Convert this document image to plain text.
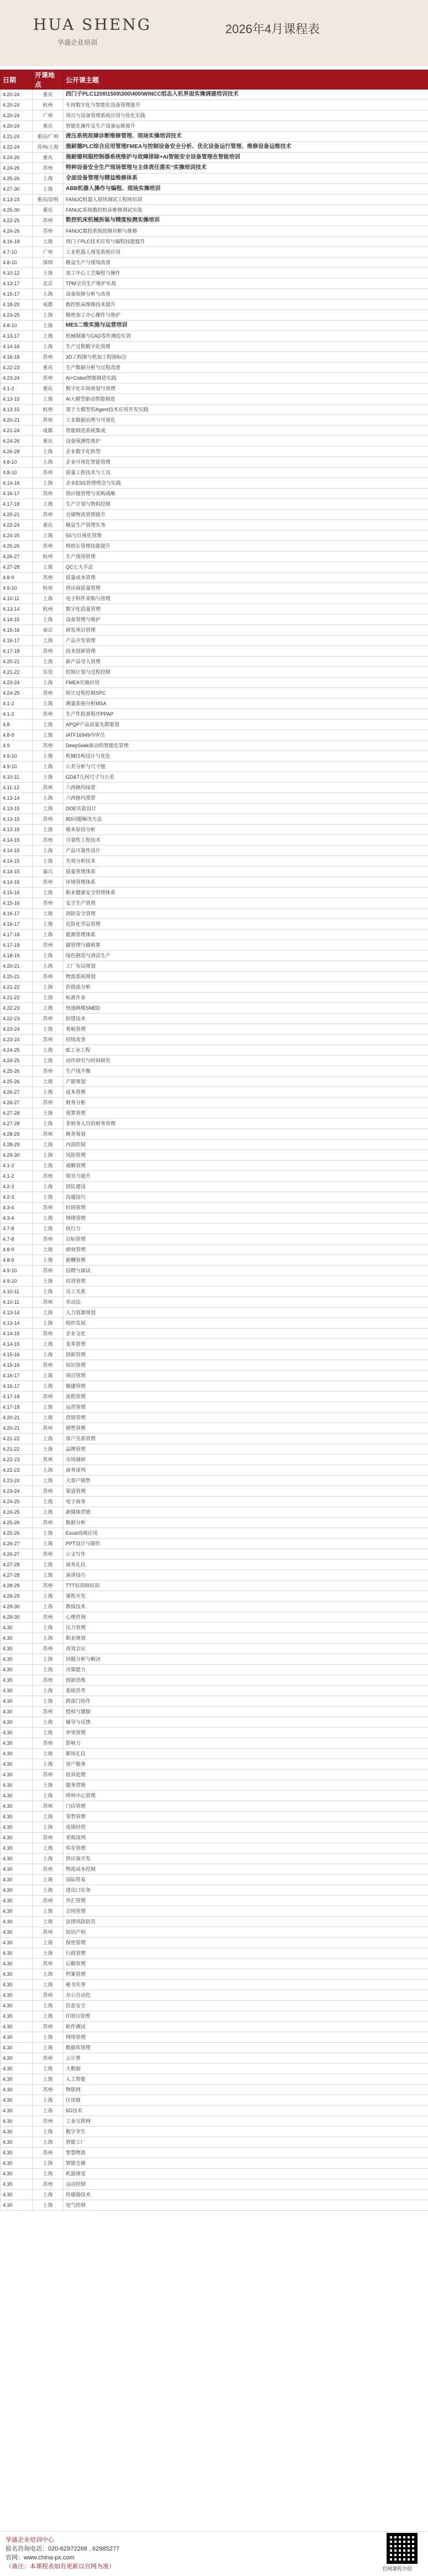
HUA SHENG
华盛企业培训
2026年4月课程表
日期	开课地点	公开课主题
4.20-24	重庆	西门子PLC1200\1500\300\400\WINCC组态人机界面实操调建培训技术
4.20-24	杭州	车间数字化与智能化设备管理提升
4.20-24	广州	项目与设备管理系统应用与优化实践
4.20-24	重庆	智能化操作及生产设备运维提升
4.21-24	重庆/广州	液压系统故障诊断维修管理、现场实操培训技术
4.22-24	苏州/上海	施耐德PLC综合应用管理FMEA与控制设备安全分析、优化设备运行管理、维修设备运维技术
4.24-26	重庆	施耐德伺服控制器系统维护与故障排除+AI智能安全设备管理在智能培训
4.24-26	苏州	特种设备安全生产现场管理与主体责任落实“实操培训技术
4.25-26	上海	全面设备管理与精益维修体系
4.27-30	上海	ABB机器人操作与编程、现场实操培训
4.13-24	重庆/昆明	FANUC机器人现场调试工程师培训
4.25-30	重庆	FANUC系统数控机床维修调试实战
4.22-25	苏州	数控机床机械拆装与精度检测实操培训
4.24-26	苏州	FANUC数控系统故障诊断与维修
4.16-18	上海	西门子PLC技术应用与编程技能提升
4.7-10	广州	工业机器人视觉系统应用
4.8-10	深圳	精益生产与现场改善
4.10-12	上海	加工中心工艺编程与操作
4.13-17	北京	TPM全员生产维护实战
4.15-17	上海	设备故障分析与改善
4.18-20	成都	数控机床维修技术提升
4.23-25	上海	精密加工中心操作与维护
4.8-10	上海	MES二维实施与运营培训
4.13-17	上海	机械制图与CAD零件测绘实训
4.14-16	上海	生产过程数字化管理
4.16-18	苏州	3D工程图与机加工程图标注
4.22-23	重庆	生产数据分析与过程改进
4.23-24	苏州	AI+Cobot智能制造实践
4.1-2	重庆	数字化车间规划与管理
4.13-15	上海	AI大模型驱动智能制造
4.13-15	杭州	基于大模型的Agent技术应用开发实践
4.20-21	苏州	工业数据治理与可视化
4.21-24	成都	智能制造系统集成
4.24-26	重庆	设备预测性维护
4.26-28	上海	企业数字化转型
4.8-10	上海	企业可视化智能管理
4.8-10	苏州	质量工程技术与工具
4.14-16	上海	企业ESG管理理念与实践
4.16-17	苏州	供应链管理与采购战略
4.17-18	上海	生产计划与物料控制
4.20-21	苏州	仓储物流管理提升
4.22-24	重庆	精益生产管理实务
4.24-25	上海	5S与目视化管理
4.25-26	苏州	班组长管理技能提升
4.26-27	杭州	生产现场管理
4.27-28	上海	QC七大手法
4.8-9	苏州	质量成本管理
4.9-10	杭州	供应商质量管理
4.10-11	上海	电子料件采购与管理
4.13-14	杭州	数字化质量管理
4.14-15	上海	设备管理与维护
4.15-16	南京	研发项目管理
4.16-17	上海	产品开发管理
4.17-18	苏州	技术创新管理
4.20-21	上海	新产品导入管理
4.21-22	东莞	控制计划与过程控制
4.23-24	上海	FMEA实施应用
4.24-25	苏州	统计过程控制SPC
4.1-2	上海	测量系统分析MSA
4.1-2	苏州	生产件批准程序PPAP
4.8	上海	APQP产品质量先期策划
4.8-9	上海	IATF16949内审员
4.9	苏州	DeepSeek驱动的智能化管理
4.9-10	上海	机械结构设计与优化
4.9-10	上海	公差分析与尺寸链
4.10-11	上海	GD&T几何尺寸与公差
4.11-12	苏州	六西格玛绿带
4.13-14	上海	六西格玛黑带
4.13-15	上海	DOE实验设计
4.13-15	苏州	8D问题解决方法
4.13-15	上海	根本原因分析
4.14-15	苏州	可靠性工程技术
4.14-15	上海	产品可靠性设计
4.14-15	上海	失效分析技术
4.14-15	嘉兴	质量管理体系
4.14-15	苏州	环境管理体系
4.15-16	上海	职业健康安全管理体系
4.15-16	苏州	安全生产管理
4.16-17	上海	消防安全管理
4.16-17	上海	危险化学品管理
4.17-18	上海	能源管理体系
4.17-18	苏州	碳管理与碳核算
4.18-19	上海	绿色制造与清洁生产
4.20-21	上海	工厂布局规划
4.20-21	苏州	物流系统规划
4.21-22	上海	价值流分析
4.21-22	上海	标准作业
4.22-23	上海	快速换模SMED
4.22-23	苏州	防错技术
4.23-24	上海	看板管理
4.23-24	苏州	持续改善
4.24-25	上海	IE工业工程
4.24-25	上海	动作研究与时间研究
4.25-26	苏州	生产线平衡
4.25-26	上海	产能规划
4.26-27	上海	成本管理
4.26-27	苏州	财务分析
4.27-28	上海	预算管理
4.27-28	上海	非财务人员的财务管理
4.28-29	苏州	税务筹划
4.28-29	上海	内部控制
4.29-30	上海	风险管理
4.1-2	上海	战略管理
4.1-2	苏州	领导力提升
4.2-3	上海	团队建设
4.2-3	上海	沟通技巧
4.3-4	苏州	时间管理
4.3-4	上海	情绪管理
4.7-8	上海	执行力
4.7-8	苏州	目标管理
4.8-9	上海	绩效管理
4.8-9	上海	薪酬管理
4.9-10	苏州	招聘与面试
4.9-10	上海	培训管理
4.10-11	上海	员工关系
4.10-11	苏州	劳动法
4.13-14	上海	人力资源规划
4.13-14	上海	组织发展
4.14-15	苏州	企业文化
4.14-15	上海	变革管理
4.15-16	上海	创新管理
4.15-16	苏州	知识管理
4.16-17	上海	项目管理
4.16-17	上海	敏捷管理
4.17-18	苏州	流程管理
4.17-18	上海	运营管理
4.20-21	上海	营销管理
4.20-21	苏州	销售管理
4.21-22	上海	客户关系管理
4.21-22	上海	品牌管理
4.22-23	苏州	市场调研
4.22-23	上海	商务谈判
4.23-24	上海	大客户销售
4.23-24	苏州	渠道管理
4.24-25	上海	电子商务
4.24-25	上海	新媒体营销
4.25-26	苏州	数据分析
4.25-26	上海	Excel高级应用
4.26-27	上海	PPT设计与制作
4.26-27	苏州	公文写作
4.27-28	上海	商务礼仪
4.27-28	上海	演讲技巧
4.28-29	苏州	TTT培训师培训
4.28-29	上海	课程开发
4.29-30	上海	教练技术
4.29-30	苏州	心理咨询
4.30	上海	压力管理
4.30	上海	职业规划
4.30	苏州	高效会议
4.30	上海	问题分析与解决
4.30	上海	决策能力
4.30	苏州	创新思维
4.30	上海	系统思考
4.30	上海	跨部门协作
4.30	苏州	授权与激励
4.30	上海	辅导与反馈
4.30	上海	冲突管理
4.30	苏州	影响力
4.30	上海	职场礼仪
4.30	上海	客户服务
4.30	苏州	投诉处理
4.30	上海	服务营销
4.30	上海	呼叫中心管理
4.30	苏州	门店管理
4.30	上海	零售管理
4.30	上海	连锁经营
4.30	苏州	采购谈判
4.30	上海	库存管理
4.30	上海	供应商开发
4.30	苏州	物流成本控制
4.30	上海	国际贸易
4.30	上海	进出口实务
4.30	苏州	外汇管理
4.30	上海	合同管理
4.30	上海	法律风险防范
4.30	苏州	知识产权
4.30	上海	保密管理
4.30	上海	行政管理
4.30	苏州	后勤管理
4.30	上海	档案管理
4.30	上海	秘书实务
4.30	苏州	办公自动化
4.30	上海	信息安全
4.30	上海	IT项目管理
4.30	苏州	软件测试
4.30	上海	网络管理
4.30	上海	数据库管理
4.30	苏州	云计算
4.30	上海	大数据
4.30	上海	人工智能
4.30	苏州	物联网
4.30	上海	区块链
4.30	上海	5G技术
4.30	苏州	工业互联网
4.30	上海	数字孪生
4.30	上海	智能工厂
4.30	苏州	智慧物流
4.30	上海	智能仓储
4.30	上海	机器视觉
4.30	苏州	运动控制
4.30	上海	传感器技术
4.30	上海	电气控制
华盛企业培训中心
报名咨询电话：020-62972268 , 62985277
官网：www.china-px.com
（备注：本课程表如有更新以官网为准）	官网课程介绍
